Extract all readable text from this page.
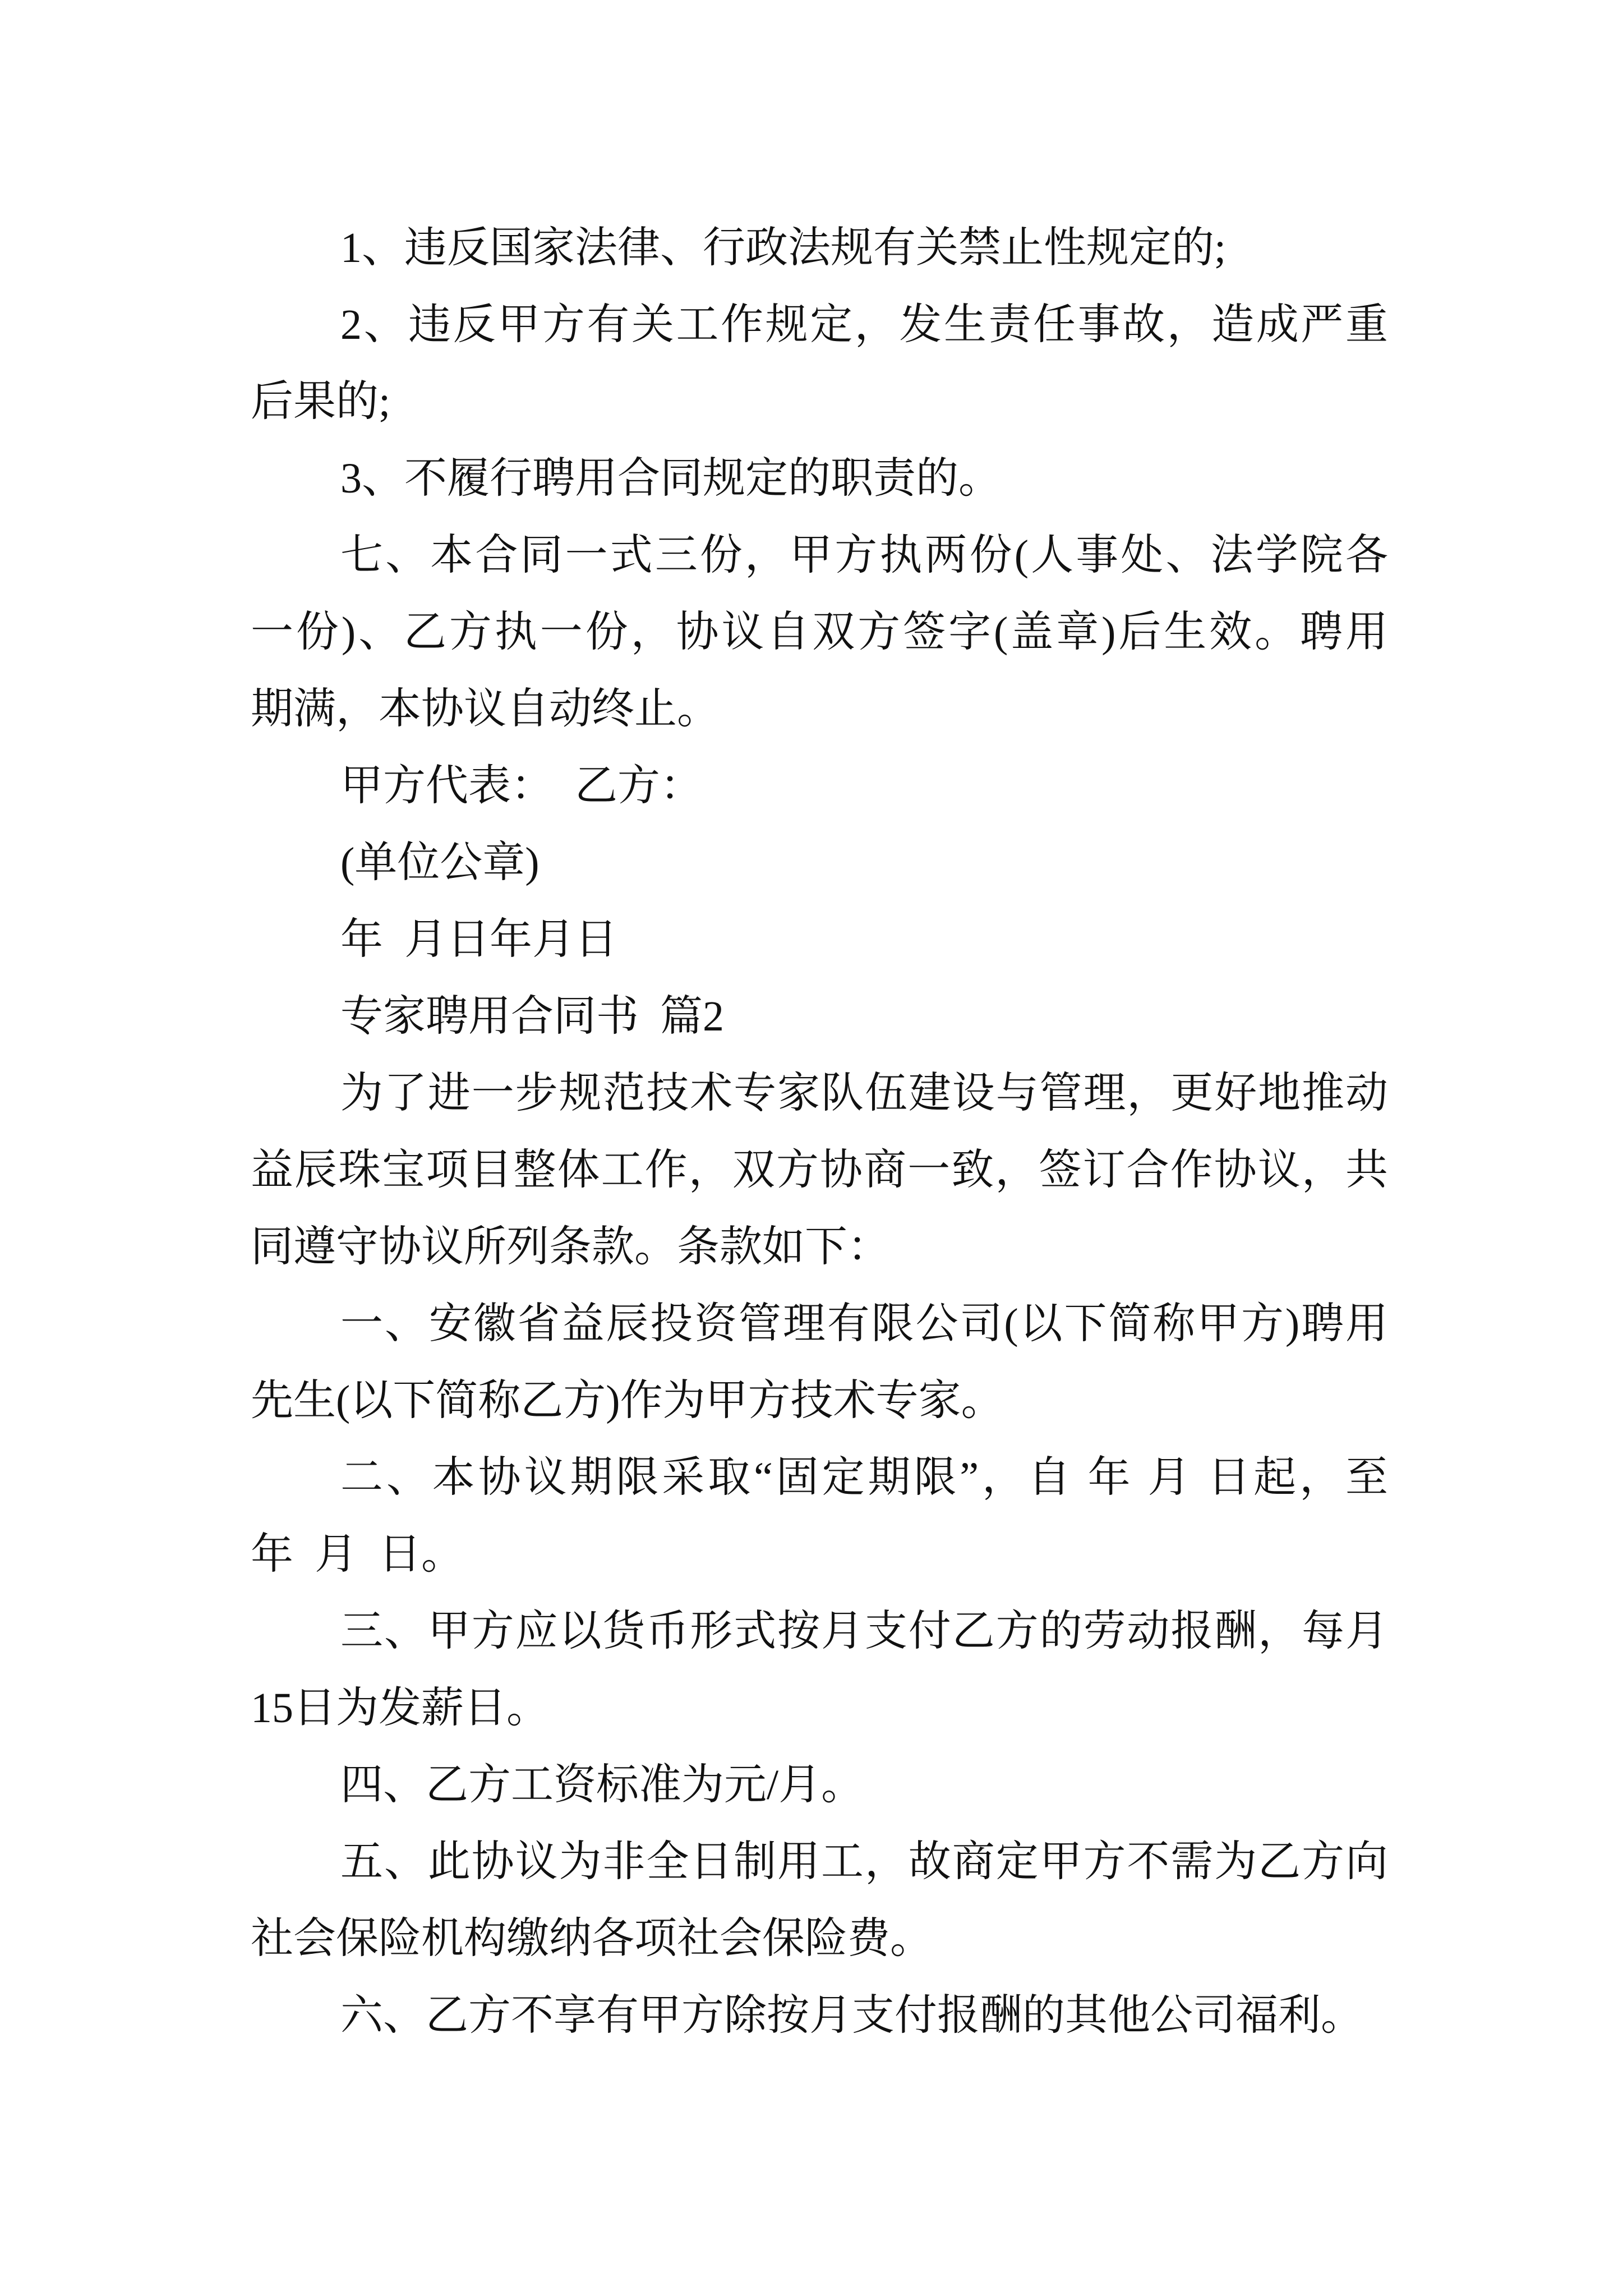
1、违反国家法律、行政法规有关禁止性规定的;

2、违反甲方有关工作规定，发生责任事故，造成严重

后果的;

3、不履行聘用合同规定的职责的。

七、本合同一式三份，甲方执两份(人事处、法学院各

一份)、乙方执一份，协议自双方签字(盖章)后生效。聘用

期满，本协议自动终止。

甲方代表：  乙方：

(单位公章)

年  月日年月日

专家聘用合同书  篇2

为了进一步规范技术专家队伍建设与管理，更好地推动

益辰珠宝项目整体工作，双方协商一致，签订合作协议，共

同遵守协议所列条款。条款如下：

一、安徽省益辰投资管理有限公司(以下简称甲方)聘用

先生(以下简称乙方)作为甲方技术专家。

二、本协议期限采取“固定期限”，自 年 月 日起，至

年  月  日。

三、甲方应以货币形式按月支付乙方的劳动报酬，每月

15日为发薪日。

四、乙方工资标准为元/月。

五、此协议为非全日制用工，故商定甲方不需为乙方向

社会保险机构缴纳各项社会保险费。

六、乙方不享有甲方除按月支付报酬的其他公司福利。
